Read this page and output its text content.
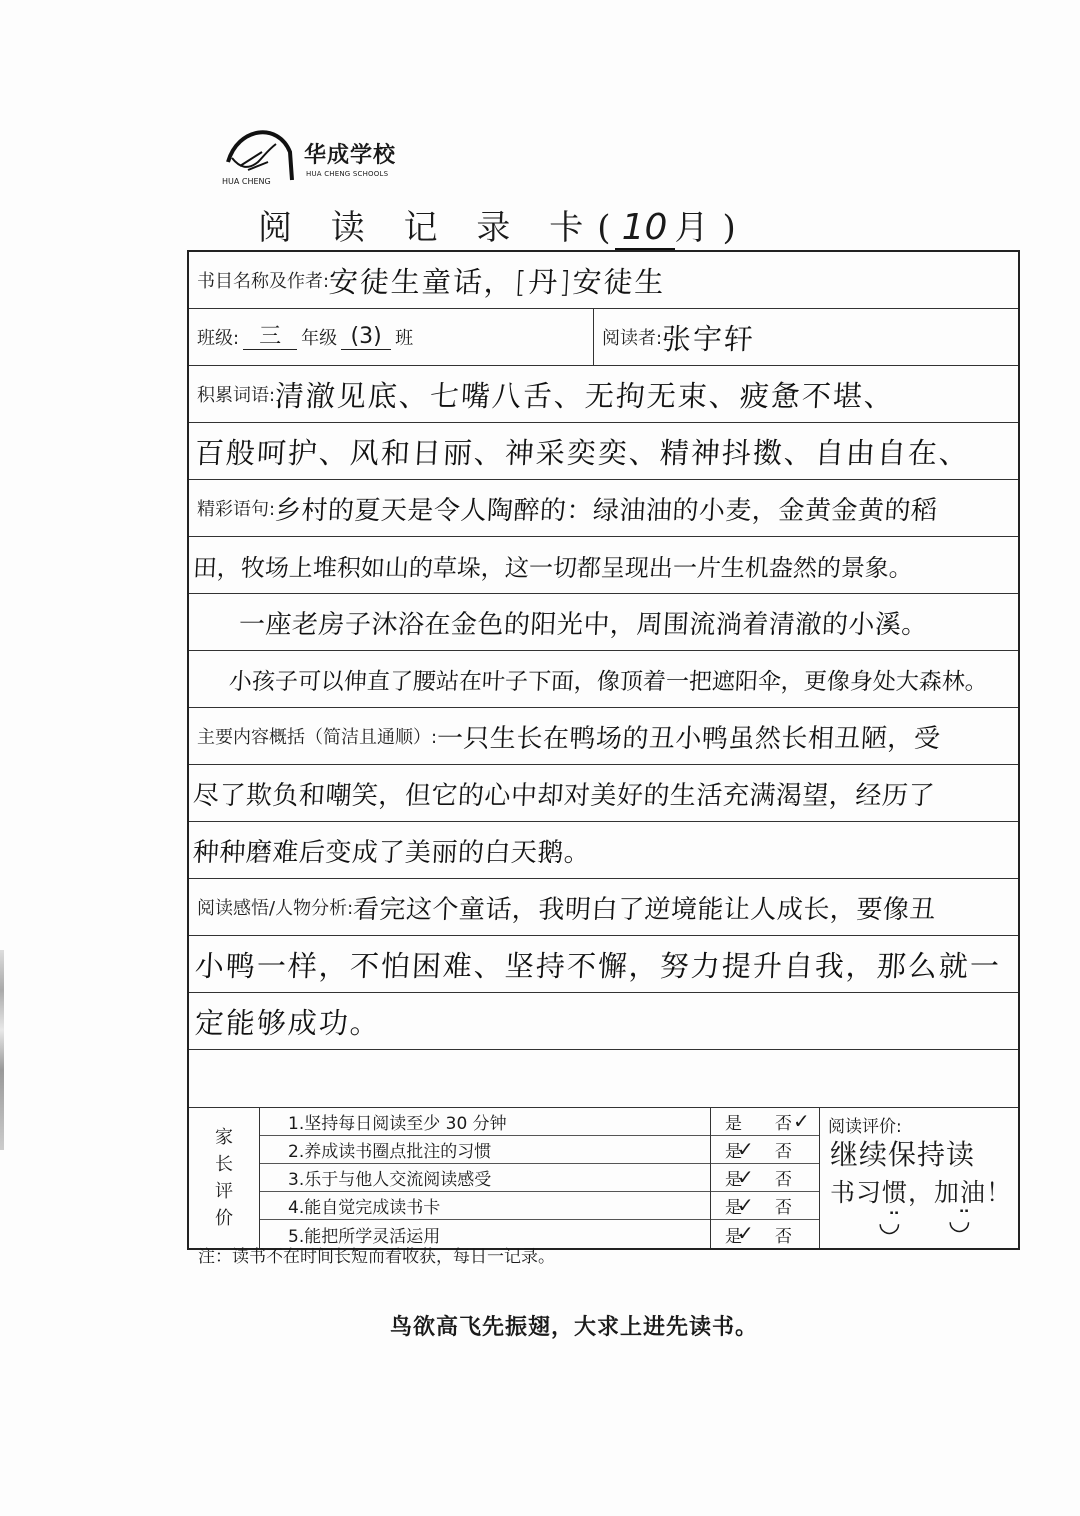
HUA CHENG
华成学校
HUA CHENG SCHOOLS
阅 读 记 录 卡( 10 月)
书目名称及作者: 安徒生童话，[丹]安徒生
班级: 三	年级 (3) 班	阅读者: 张宇轩
积累词语: 清澈见底、七嘴八舌、无拘无束、疲惫不堪、
百般呵护、风和日丽、神采奕奕、精神抖擞、自由自在、
精彩语句: 乡村的夏天是令人陶醉的：绿油油的小麦，金黄金黄的稻
田，牧场上堆积如山的草垛，这一切都呈现出一片生机盎然的景象。
一座老房子沐浴在金色的阳光中，周围流淌着清澈的小溪。
小孩子可以伸直了腰站在叶子下面，像顶着一把遮阳伞，更像身处大森林。
主要内容概括（简洁且通顺）: 一只生长在鸭场的丑小鸭虽然长相丑陋，受
尽了欺负和嘲笑，但它的心中却对美好的生活充满渴望，经历了
种种磨难后变成了美丽的白天鹅。
阅读感悟/人物分析: 看完这个童话，我明白了逆境能让人成长，要像丑
小鸭一样，不怕困难、坚持不懈，努力提升自我，那么就一
定能够成功。
家
长
评
价
1.坚持每日阅读至少 30 分钟
2.养成读书圈点批注的习惯
3.乐于与他人交流阅读感受
4.能自觉完成读书卡
5.能把所学灵活运用
是 否 ✓
是 否
✓
是 否
✓
是 否
✓
是 否
✓
阅读评价:
继续保持读
书习惯，加油！
◡̈ ◡̈
注：读书不在时间长短而看收获，每日一记录。
鸟欲高飞先振翅，大求上进先读书。
